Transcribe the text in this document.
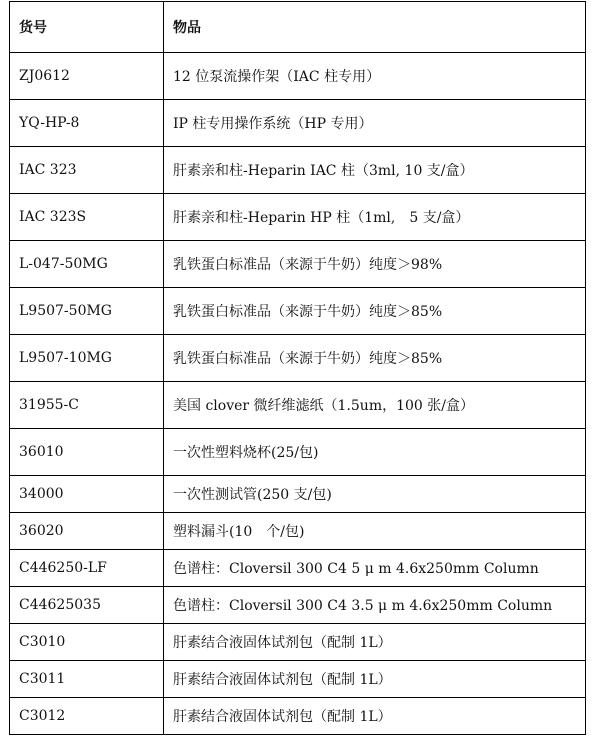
货号	物品
ZJ0612	12 位泵流操作架（IAC 柱专用）
YQ-HP-8	IP 柱专用操作系统（HP 专用）
IAC 323	肝素亲和柱-Heparin IAC 柱（3ml, 10 支/盒）
IAC 323S	肝素亲和柱-Heparin HP 柱（1ml,　5 支/盒）
L-047-50MG	乳铁蛋白标准品（来源于牛奶）纯度＞98%
L9507-50MG	乳铁蛋白标准品（来源于牛奶）纯度＞85%
L9507-10MG	乳铁蛋白标准品（来源于牛奶）纯度＞85%
31955-C	美国 clover 微纤维滤纸（1.5um，100 张/盒）
36010	一次性塑料烧杯(25/包)
34000	一次性测试管(250 支/包)
36020	塑料漏斗(10　个/包)
C446250-LF	色谱柱：Cloversil 300 C4 5 μ m 4.6x250mm Column
C44625035	色谱柱：Cloversil 300 C4 3.5 μ m 4.6x250mm Column
C3010	肝素结合液固体试剂包（配制 1L）
C3011	肝素结合液固体试剂包（配制 1L）
C3012	肝素结合液固体试剂包（配制 1L）
